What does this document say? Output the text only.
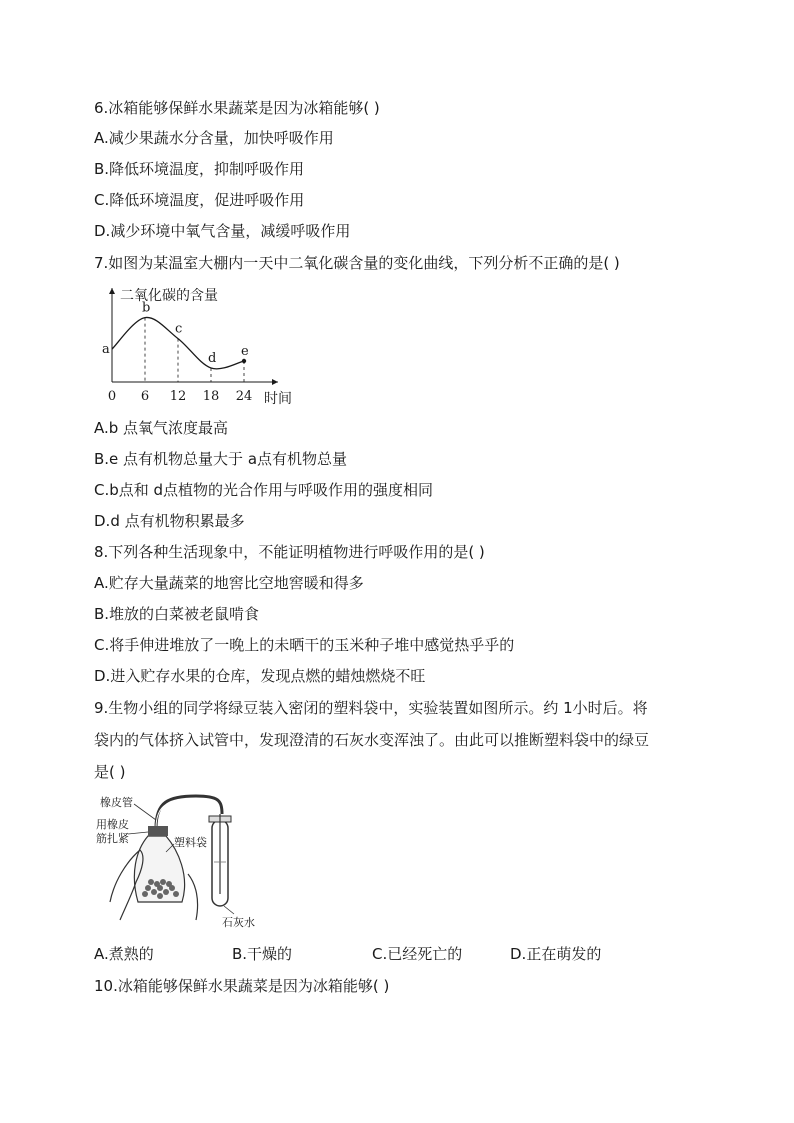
6.冰箱能够保鲜水果蔬菜是因为冰箱能够( )
A.减少果蔬水分含量，加快呼吸作用
B.降低环境温度，抑制呼吸作用
C.降低环境温度，促进呼吸作用
D.减少环境中氧气含量，减缓呼吸作用
7.如图为某温室大棚内一天中二氧化碳含量的变化曲线，下列分析不正确的是( )
0 6 12 18 24
a
b
c
d e
二氧化碳的含量
时间
A.b 点氧气浓度最高
B.e 点有机物总量大于 a点有机物总量
C.b点和 d点植物的光合作用与呼吸作用的强度相同
D.d 点有机物积累最多
8.下列各种生活现象中，不能证明植物进行呼吸作用的是( )
A.贮存大量蔬菜的地窖比空地窖暖和得多
B.堆放的白菜被老鼠啃食
C.将手伸进堆放了一晚上的未晒干的玉米种子堆中感觉热乎乎的
D.进入贮存水果的仓库，发现点燃的蜡烛燃烧不旺
9.生物小组的同学将绿豆装入密闭的塑料袋中，实验装置如图所示。约 1小时后。将
袋内的气体挤入试管中，发现澄清的石灰水变浑浊了。由此可以推断塑料袋中的绿豆
是( )
橡皮管
用橡皮
筋扎紧	塑料袋
石灰水
A.煮熟的	B.干燥的	C.已经死亡的	D.正在萌发的
10.冰箱能够保鲜水果蔬菜是因为冰箱能够( )
